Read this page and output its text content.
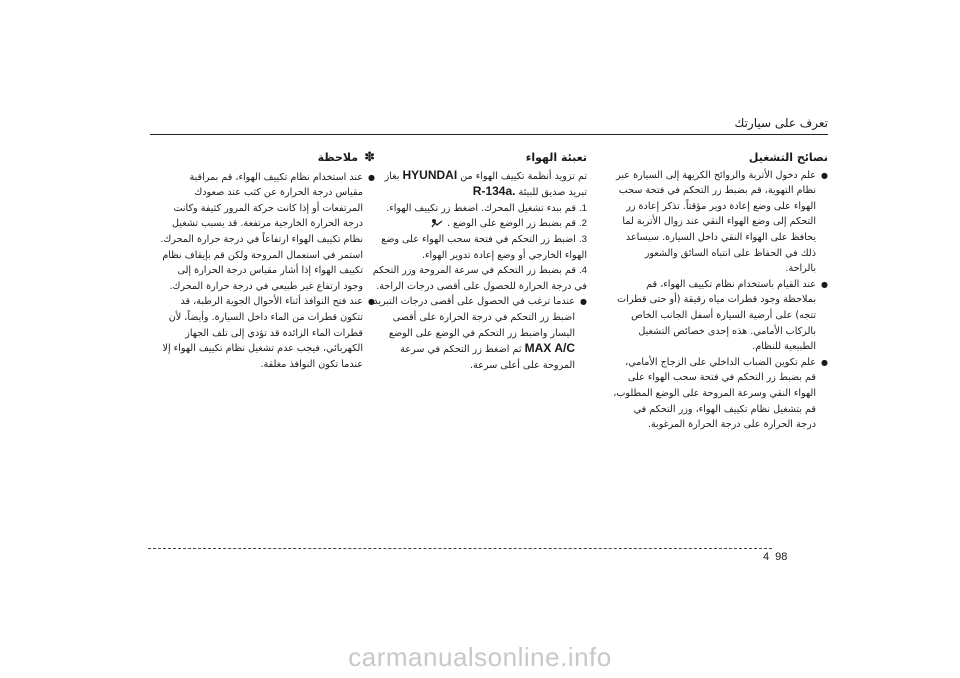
تعرف على سيارتك
نصائح التشغيل

● علم دخول الأتربة والروائح الكريهة إلى السيارة عبر نظام التهوية، قم بضبط زر التحكم في فتحة سحب الهواء على وضع إعادة دوير مؤقتاً. تذكر إعادة زر التحكم إلى وضع الهواء النقي عند زوال الأتربة لما يحافظ على الهواء النقي داخل السيارة. سيساعد ذلك في الحفاظ على انتباه السائق والشعور بالراحة.

● عند القيام باستخدام نظام تكييف الهواء، قم بملاحظة وجود قطرات مياه رقيقة (أو حتى قطرات تتجه) على أرضية السيارة أسفل الجانب الخاص بالركاب الأمامي. هذه إحدى خصائص التشغيل الطبيعية للنظام.

● علم تكوين الضباب الداخلي على الزجاج الأمامي، قم بضبط زر التحكم في فتحة سحب الهواء على الهواء النقي وسرعة المروحة على الوضع المطلوب، قم بتشغيل نظام تكييف الهواء، وزر التحكم في درجة الحرارة على درجة الحرارة المرغوبة.

تعبئة الهواء

تم تزويد أنظمة تكييف الهواء من HYUNDAI بغاز تبريد صديق للبيئة R-134a.

1. قم ببدء تشغيل المحرك. اضغط زر تكييف الهواء.

2. قم بضبط زر الوضع على الوضع .

3. اضبط زر التحكم في فتحة سحب الهواء على وضع الهواء الخارجي أو وضع إعادة تدوير الهواء.

4. قم بضبط زر التحكم في سرعة المروحة وزر التحكم في درجة الحرارة للحصول على أقصى درجات الراحة.

● عندما ترغب في الحصول على أقصى درجات التبريد، اضبط زر التحكم في درجة الحرارة على أقصى اليسار واضبط زر التحكم في الوضع على الوضع MAX A/C ثم اضغط زر التحكم في سرعة المروحة على أعلى سرعة.

ملاحظة ✽

● عند استخدام نظام تكييف الهواء، قم بمراقبة مقياس درجة الحرارة عن كثب عند صعودك المرتفعات أو إذا كانت حركة المرور كثيفة وكانت درجة الحرارة الخارجية مرتفعة. قد يسبب تشغيل نظام تكييف الهواء ارتفاعاً في درجة حرارة المحرك. استمر في استعمال المروحة ولكن قم بإيقاف نظام تكييف الهواء إذا أشار مقياس درجة الحرارة إلى وجود ارتفاع غير طبيعي في درجة حرارة المحرك.

● عند فتح النوافذ أثناء الأحوال الجوية الرطبة، قد تتكون قطرات من الماء داخل السيارة. وأيضاً، لأن قطرات الماء الزائدة قد تؤدي إلى تلف الجهاز الكهربائي، فيجب عدم تشغيل نظام تكييف الهواء إلا عندما تكون النوافذ مغلقة.

4 98
carmanualsonline.info
